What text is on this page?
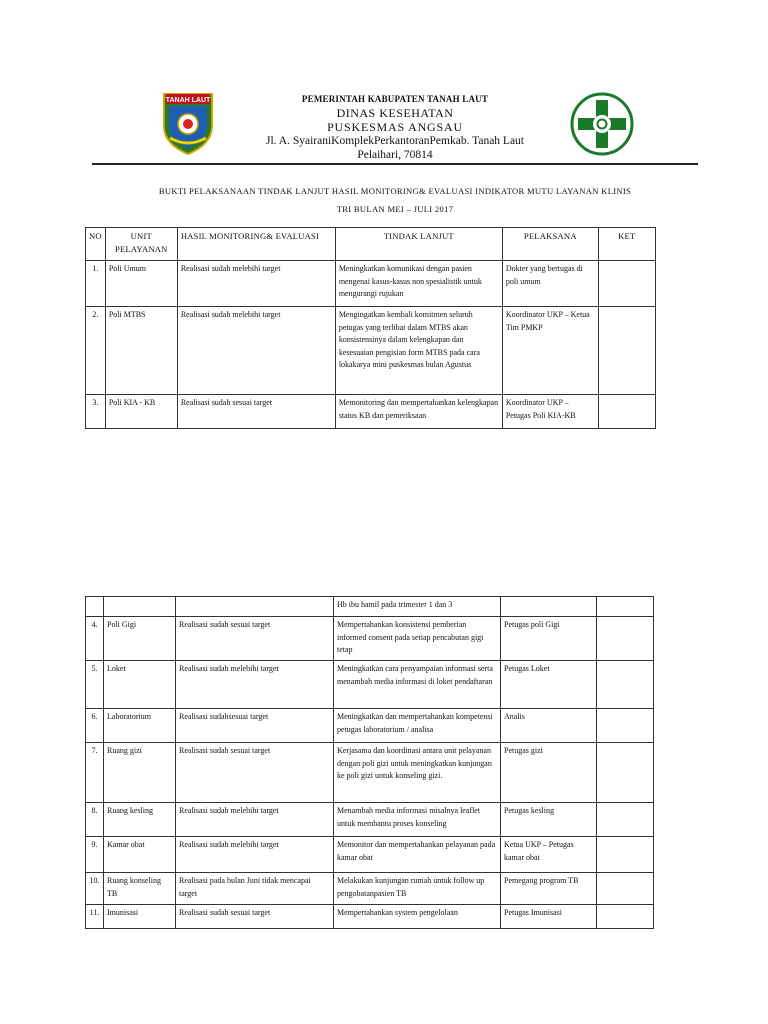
TANAH LAUT	PEMERINTAH KABUPATEN TANAH LAUT
DINAS KESEHATAN
PUSKESMAS ANGSAU
Jl. A. SyairaniKomplekPerkantoranPemkab. Tanah Laut
Pelaihari, 70814
BUKTI PELAKSANAAN TINDAK LANJUT HASIL MONITORING& EVALUASI INDIKATOR MUTU LAYANAN KLINIS
TRI BULAN MEI – JULI 2017
NO	UNIT PELAYANAN	HASIL MONITORING& EVALUASI	TINDAK LANJUT	PELAKSANA	KET
1.	Poli Umum	Realisasi sudah melebihi target	Meningkatkan komunikasi dengan pasien mengenai kasus-kasus non spesialistik untuk mengurangi rujukan	Dokter yang bertugas di poli umum	
2.	Poli MTBS	Realisasi sudah melebihi target	Mengingatkan kembali komitmen seluruh petugas yang terlibat dalam MTBS akan konsistensinya dalam kelengkapan dan kesesuaian pengisian form MTBS pada cara lokakarya mini puskesmas bulan Agustus	Koordinator UKP – Ketua Tim PMKP	
3.	Poli KIA - KB	Realisasi sudah sesuai target	Memonitoring dan mempertahankan kelengkapan status KB dan pemeriksaan	Koordinator UKP – Petugas Poli KIA-KB	
			Hb ibu hamil pada trimester 1 dan 3		
4.	Poli Gigi	Realisasi sudah sesuai target	Mempertahankan konsistensi pemberian informed consent pada setiap pencabutan gigi tetap	Petugas poli Gigi	
5.	Loket	Realisasi sudah melebihi target	Meningkatkan cara penyampaian informasi serta menambah media informasi di loket pendaftaran	Petugas Loket	
6.	Laboratorium	Realisasi sudahsesuai target	Meningkatkan dan mempertahankan kompetensi petugas laboratorium / analisa	Analis	
7.	Ruang gizi	Realisasi sudah sesuai target	Kerjasama dan koordinasi antara unit pelayanan dengan poli gizi untuk meningkatkan kunjungan ke poli gizi untuk konseling gizi.	Petugas gizi	
8.	Ruang kesling	Realisasi sudah melebihi target	Menambah media informasi misalnya leaflet untuk membantu proses konseling	Petugas kesling	
9.	Kamar obat	Realisasi sudah melebihi target	Memonitor dan mempertahankan pelayanan pada kamar obat	Ketua UKP – Petugas kamar obat	
10.	Ruang konseling TB	Realisasi pada bulan Juni tidak mencapai target	Melakukan kunjungan rumah untuk follow up pengobatanpasien TB	Pemegang program TB	
11.	Imunisasi	Realisasi sudah sesuai target	Mempertahankan system pengelolaan	Petugas Imunisasi	
